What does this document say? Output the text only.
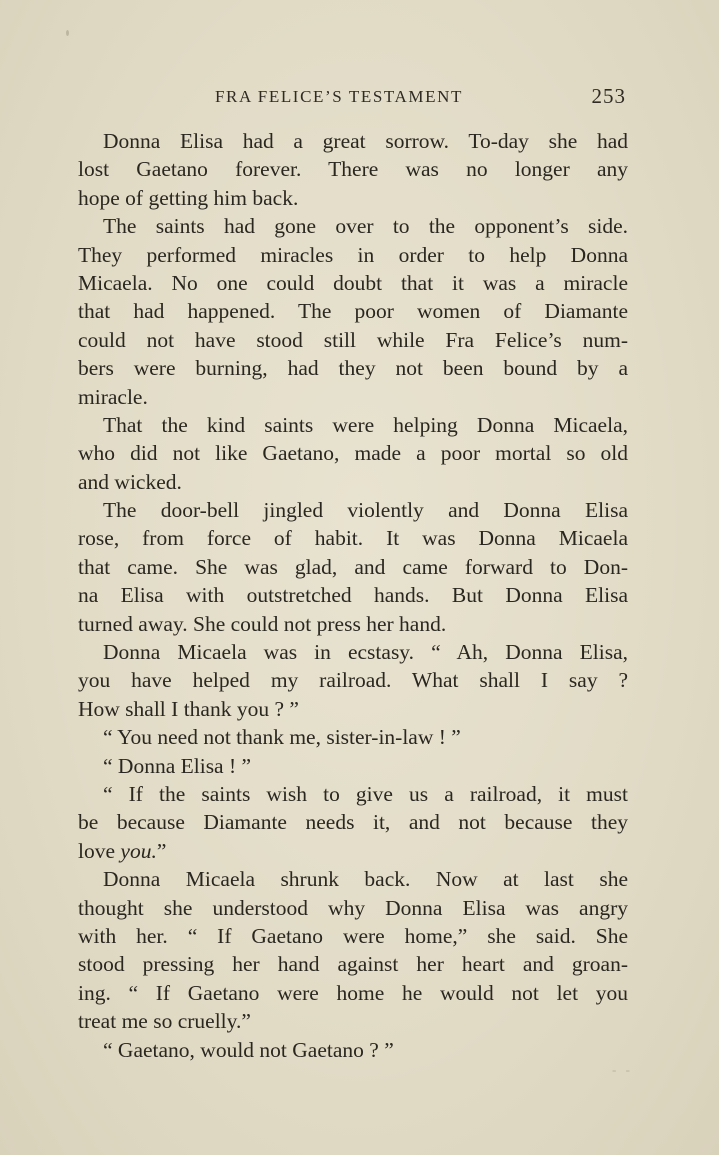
FRA FELICE’S TESTAMENT	253
Donna Elisa had a great sorrow. To-day she had
lost Gaetano forever. There was no longer any
hope of getting him back.
The saints had gone over to the opponent’s side.
They performed miracles in order to help Donna
Micaela. No one could doubt that it was a miracle
that had happened. The poor women of Diamante
could not have stood still while Fra Felice’s num-
bers were burning, had they not been bound by a
miracle.
That the kind saints were helping Donna Micaela,
who did not like Gaetano, made a poor mortal so old
and wicked.
The door-bell jingled violently and Donna Elisa
rose, from force of habit. It was Donna Micaela
that came. She was glad, and came forward to Don-
na Elisa with outstretched hands. But Donna Elisa
turned away. She could not press her hand.
Donna Micaela was in ecstasy. “ Ah, Donna Elisa,
you have helped my railroad. What shall I say ?
How shall I thank you ? ”
“ You need not thank me, sister-in-law ! ”
“ Donna Elisa ! ”
“ If the saints wish to give us a railroad, it must
be because Diamante needs it, and not because they
love you.”
Donna Micaela shrunk back. Now at last she
thought she understood why Donna Elisa was angry
with her. “ If Gaetano were home,” she said. She
stood pressing her hand against her heart and groan-
ing. “ If Gaetano were home he would not let you
treat me so cruelly.”
“ Gaetano, would not Gaetano ? ”
- -
